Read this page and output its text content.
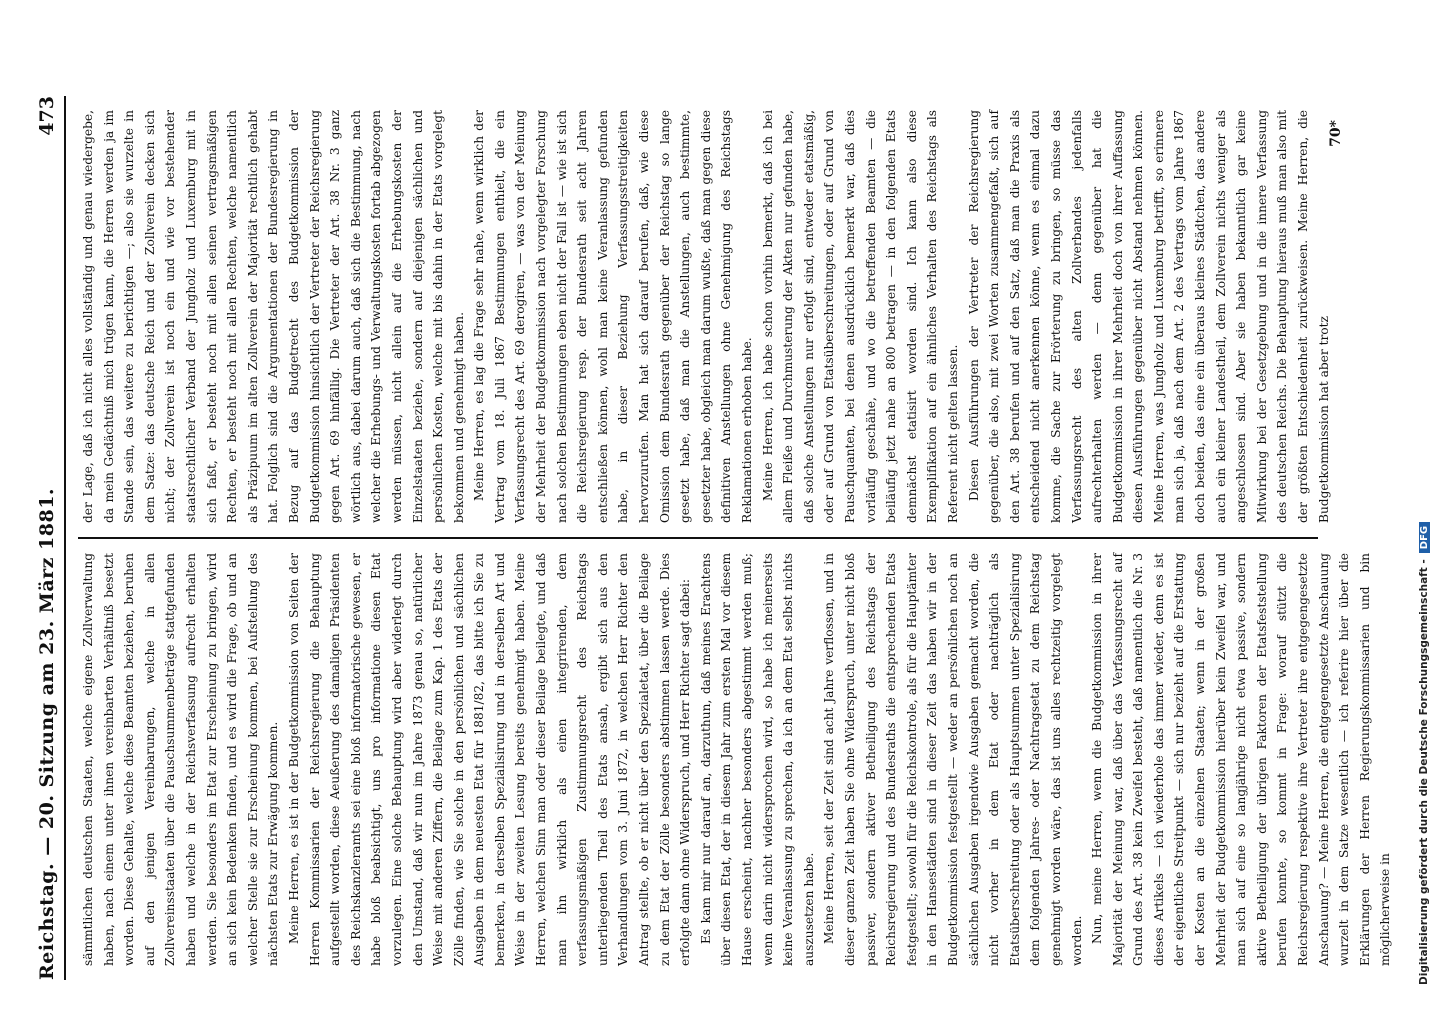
Reichstag. — 20. Sitzung am 23. März 1881.
473

sämmtlichen deutschen Staaten, welche eigene Zollverwaltung haben, nach einem unter ihnen vereinbarten Verhältniß besetzt worden. Diese Gehalte, welche diese Beamten beziehen, beruhen auf den jenigen Vereinbarungen, welche in allen Zollvereinsstaaten über die Pauschsummenbeträge stattgefunden haben und welche in der Reichsverfassung aufrecht erhalten werden. Sie besonders im Etat zur Erscheinung zu bringen, wird an sich kein Bedenken finden, und es wird die Frage, ob und an welcher Stelle sie zur Erscheinung kommen, bei Aufstellung des nächsten Etats zur Erwägung kommen. Meine Herren, es ist in der Budgetkommission von Seiten der Herren Kommissarien der Reichsregierung die Behauptung aufgestellt worden, diese Aeußerung des damaligen Präsidenten des Reichskanzleramts sei eine bloß informatorische gewesen, er habe bloß beabsichtigt, uns pro informatione diesen Etat vorzulegen. Eine solche Behauptung wird aber widerlegt durch den Umstand, daß wir nun im Jahre 1873 genau so, natürlicher Weise mit anderen Ziffern, die Beilage zum Kap. 1 des Etats der Zölle finden, wie Sie solche in den persönlichen und sächlichen Ausgaben in dem neuesten Etat für 1881/82, das bitte ich Sie zu bemerken, in derselben Spezialisirung und in derselben Art und Weise in der zweiten Lesung bereits genehmigt haben. Meine Herren, welchen Sinn man oder dieser Beilage beilegte, und daß man ihn wirklich als einen integrirenden, dem verfassungsmäßigen Zustimmungsrecht des Reichstags unterliegenden Theil des Etats ansah, ergibt sich aus den Verhandlungen vom 3. Juni 1872, in welchen Herr Richter den Antrag stellte, ob er nicht über den Spezialetat, über die Beilage zu dem Etat der Zölle besonders abstimmen lassen werde. Dies erfolgte dann ohne Widerspruch, und Herr Richter sagt dabei: Es kam mir nur darauf an, darzuthun, daß meines Erachtens über diesen Etat, der in diesem Jahr zum ersten Mal vor diesem Hause erscheint, nachher besonders abgestimmt werden muß; wenn darin nicht widersprochen wird, so habe ich meinerseits keine Veranlassung zu sprechen, da ich an dem Etat selbst nichts auszusetzen habe. Meine Herren, seit der Zeit sind acht Jahre verflossen, und in dieser ganzen Zeit haben Sie ohne Widerspruch, unter nicht bloß passiver, sondern aktiver Betheiligung des Reichstags der Reichsregierung und des Bundesraths die entsprechenden Etats festgestellt; sowohl für die Reichskontrole, als für die Hauptämter in den Hansestädten sind in dieser Zeit das haben wir in der Budgetkommission festgestellt — weder an persönlichen noch an sächlichen Ausgaben irgendwie Ausgaben gemacht worden, die nicht vorher in dem Etat oder nachträglich als Etatsüberschreitung oder als Hauptsummen unter Spezialisirung dem folgenden Jahres- oder Nachtragsetat zu dem Reichstag genehmigt worden wäre, das ist uns alles rechtzeitig vorgelegt worden. Nun, meine Herren, wenn die Budgetkommission in ihrer Majorität der Meinung war, daß über das Verfassungsrecht auf Grund des Art. 38 kein Zweifel besteht, daß namentlich die Nr. 3 dieses Artikels — ich wiederhole das immer wieder, denn es ist der eigentliche Streitpunkt — sich nur bezieht auf die Erstattung der Kosten an die einzelnen Staaten; wenn in der großen Mehrheit der Budgetkommission hierüber kein Zweifel war, und man sich auf eine so langjährige nicht etwa passive, sondern aktive Betheiligung der übrigen Faktoren der Etatsfeststellung berufen konnte, so kommt in Frage: worauf stützt die Reichsregierung respektive ihre Vertreter ihre entgegengesetzte Anschauung? — Meine Herren, die entgegengesetzte Anschauung wurzelt in dem Satze wesentlich — ich referire hier über die Erklärungen der Herren Regierungskommissarien und bin möglicherweise in

der Lage, daß ich nicht alles vollständig und genau wiedergebe, da mein Gedächtniß mich trügen kann, die Herren werden ja im Stande sein, das weitere zu berichtigen —; also sie wurzelte in dem Satze: das deutsche Reich und der Zollverein decken sich nicht; der Zollverein ist noch ein und wie vor bestehender staatsrechtlicher Verband der Jungholz und Luxemburg mit in sich faßt, er besteht noch mit allen seinen vertragsmäßigen Rechten, er besteht noch mit allen Rechten, welche namentlich als Präzipuum im alten Zollverein der Majorität rechtlich gehabt hat. Folglich sind die Argumentationen der Bundesregierung in Bezug auf das Budgetrecht des Budgetkommission der Budgetkommission hinsichtlich der Vertreter der Reichsregierung gegen Art. 69 hinfällig. Die Vertreter der Art. 38 Nr. 3 ganz wörtlich aus, dabei darum auch, daß sich die Bestimmung, nach welcher die Erhebungs- und Verwaltungskosten fortab abgezogen werden müssen, nicht allein auf die Erhebungskosten der Einzelstaaten beziehe, sondern auf diejenigen sächlichen und persönlichen Kosten, welche mit bis dahin in der Etats vorgelegt bekommen und genehmigt haben. Meine Herren, es lag die Frage sehr nahe, wenn wirklich der Vertrag vom 18. Juli 1867 Bestimmungen enthielt, die ein Verfassungsrecht des Art. 69 derogiren, — was von der Meinung der Mehrheit der Budgetkommission nach vorgelegter Forschung nach solchen Bestimmungen eben nicht der Fall ist — wie ist sich die Reichsregierung resp. der Bundesrath seit acht Jahren entschließen können, wohl man keine Veranlassung gefunden habe, in dieser Beziehung Verfassungsstreitigkeiten hervorzurufen. Man hat sich darauf berufen, daß, wie diese Omission dem Bundesrath gegenüber der Reichstag so lange gesetzt habe, daß man die Anstellungen, auch bestimmte, gesetzter habe, obgleich man darum wußte, daß man gegen diese definitiven Anstellungen ohne Genehmigung des Reichstags Reklamationen erhoben habe. Meine Herren, ich habe schon vorhin bemerkt, daß ich bei allem Fleiße und Durchmusterung der Akten nur gefunden habe, daß solche Anstellungen nur erfolgt sind, entweder etatsmäßig, oder auf Grund von Etatsüberschreitungen, oder auf Grund von Pauschquanten, bei denen ausdrücklich bemerkt war, daß dies vorläufig geschähe, und wo die betreffenden Beamten — die beiläufig jetzt nahe an 800 betragen — in den folgenden Etats demnächst etatisirt worden sind. Ich kann also diese Exemplifikation auf ein ähnliches Verhalten des Reichstags als Referent nicht gelten lassen. Diesen Ausführungen der Vertreter der Reichsregierung gegenüber, die also, mit zwei Worten zusammengefaßt, sich auf den Art. 38 berufen und auf den Satz, daß man die Praxis als entscheidend nicht anerkennen könne, wenn es einmal dazu komme, die Sache zur Erörterung zu bringen, so müsse das Verfassungsrecht des alten Zollverbandes jedenfalls aufrechterhalten werden — denn gegenüber hat die Budgetkommission in ihrer Mehrheit doch von ihrer Auffassung diesen Ausführungen gegenüber nicht Abstand nehmen können. Meine Herren, was Jungholz und Luxemburg betrifft, so erinnere man sich ja, daß nach dem Art. 2 des Vertrags vom Jahre 1867 doch beiden, das eine ein überaus kleines Städtchen, das andere auch ein kleiner Landestheil, dem Zollverein nichts weniger als angeschlossen sind. Aber sie haben bekanntlich gar keine Mitwirkung bei der Gesetzgebung und in die innere Verfassung des deutschen Reichs. Die Behauptung hieraus muß man also mit der größten Entschiedenheit zurückweisen. Meine Herren, die Budgetkommission hat aber trotz

70*
Digitalisierung gefördert durch die Deutsche Forschungsgemeinschaft -DFG
